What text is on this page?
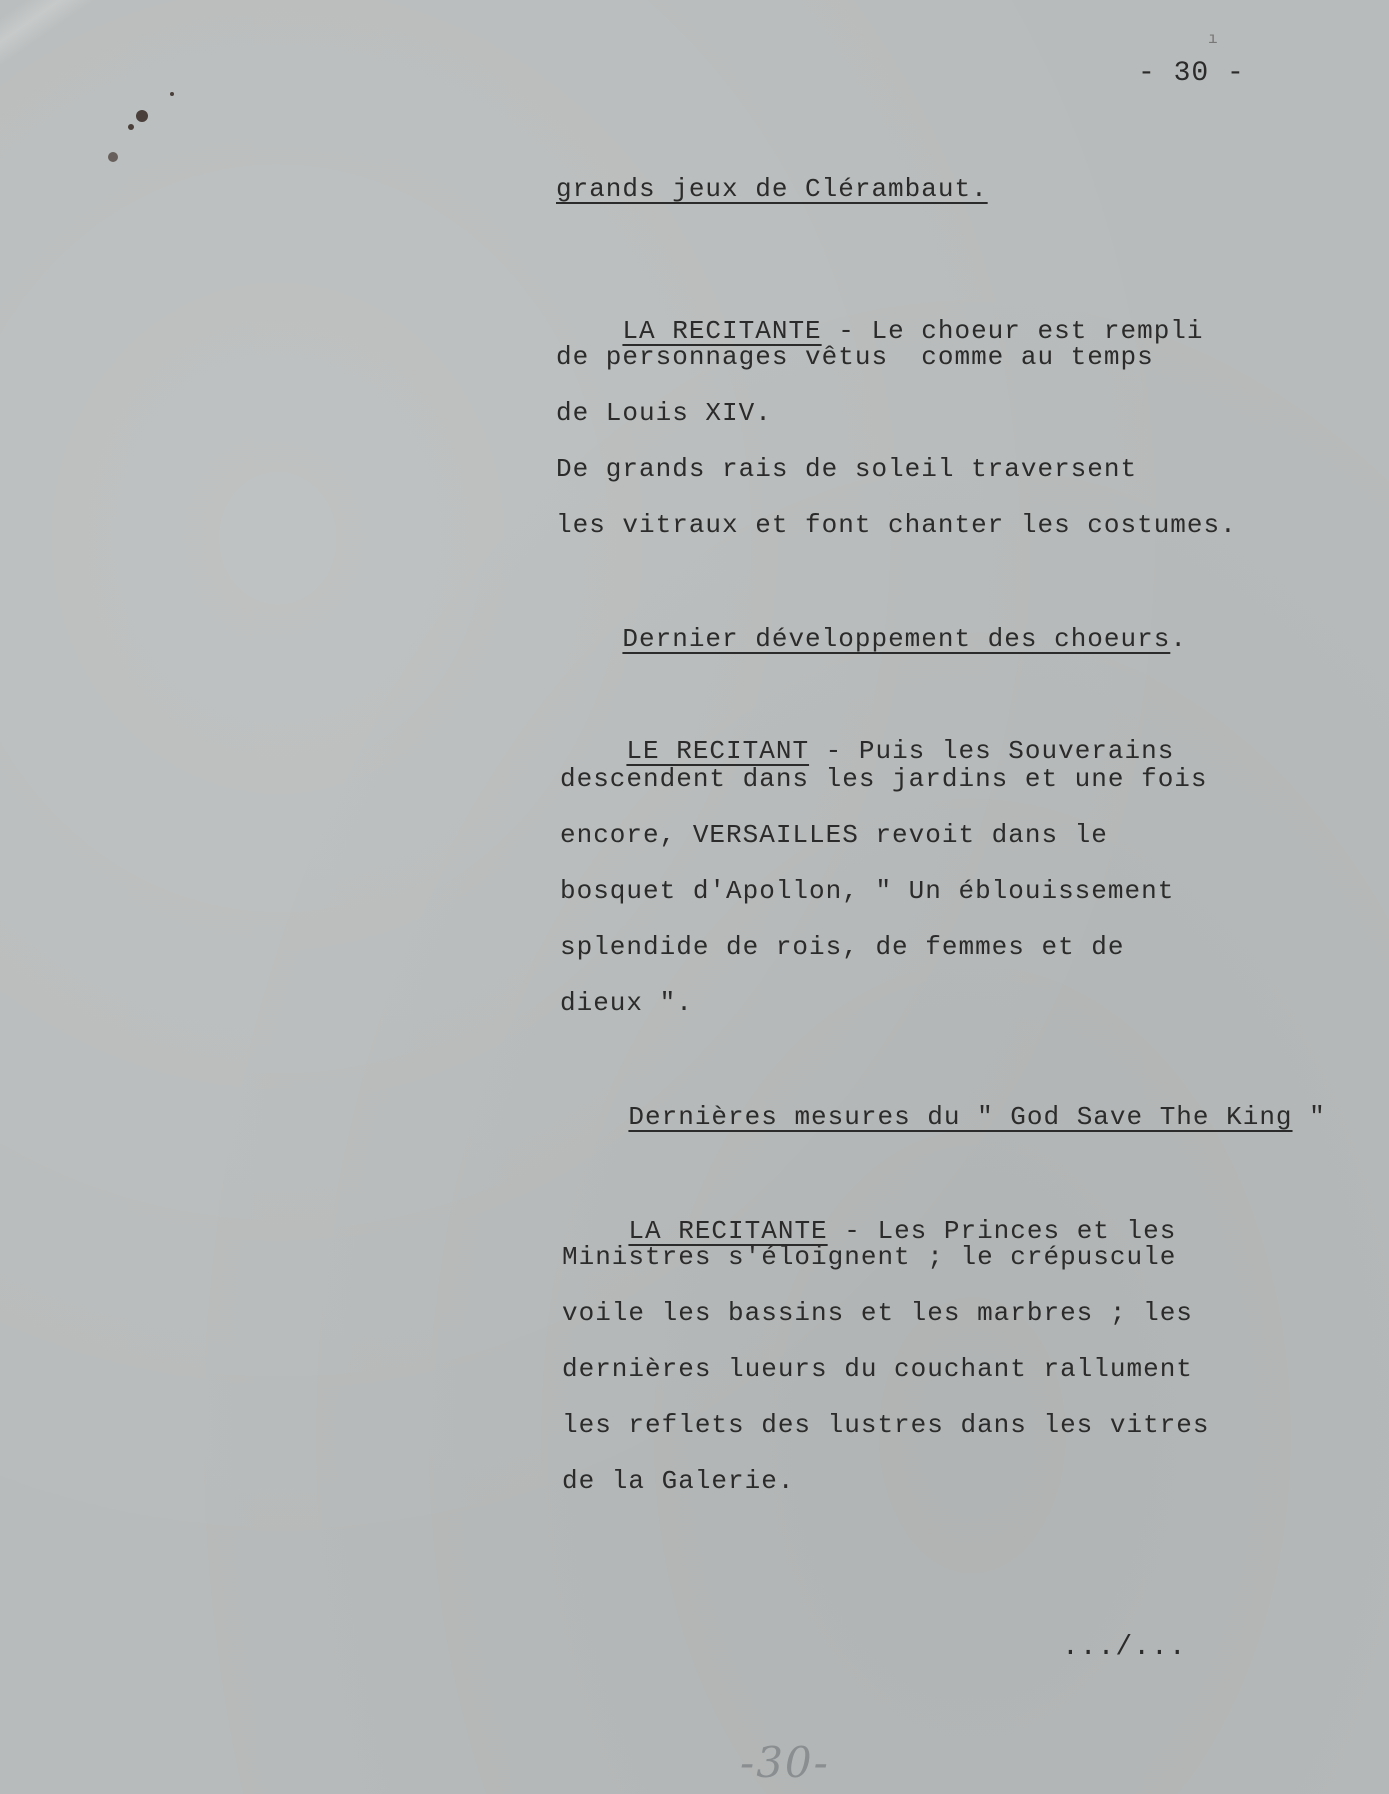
ı
- 30 -
grands jeux de Clérambaut.

LA RECITANTE - Le choeur est rempli

de personnages vêtus  comme au temps
de Louis XIV.
De grands rais de soleil traversent
les vitraux et font chanter les costumes.

Dernier développement des choeurs.

LE RECITANT - Puis les Souverains

descendent dans les jardins et une fois
encore, VERSAILLES revoit dans le
bosquet d'Apollon, " Un éblouissement
splendide de rois, de femmes et de
dieux ".

Dernières mesures du " God Save The King "

LA RECITANTE - Les Princes et les

Ministres s'éloignent ; le crépuscule
voile les bassins et les marbres ; les
dernières lueurs du couchant rallument
les reflets des lustres dans les vitres
de la Galerie.
.../...
-30-
